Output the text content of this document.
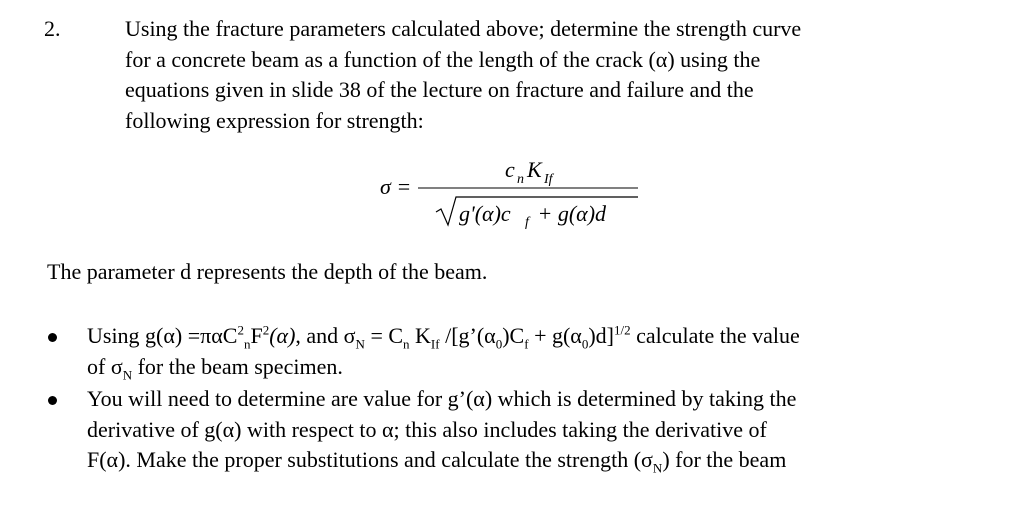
2.	Using the fracture parameters calculated above; determine the strength curve
for a concrete beam as a function of the length of the crack (α) using the
equations given in slide 38 of the lecture on fracture and failure and the
following expression for strength:
σ =
c n K If
g'(α)c f + g(α)d
The parameter d represents the depth of the beam.
Using $g(\alpha) =\pi\alpha C^2_nF^2(\alpha)$, and $\sigma_N = C_n$ $K_{If}$ $/[g’(\alpha_0)C_f + g(\alpha_0)d]^{1/2}$ calculate the value
of $\sigma_N$ for the beam specimen.
You will need to determine are value for g’(α) which is determined by taking the
derivative of g(α) with respect to α; this also includes taking the derivative of
F(α). Make the proper substitutions and calculate the strength $(\sigma_N)$ for the beam
